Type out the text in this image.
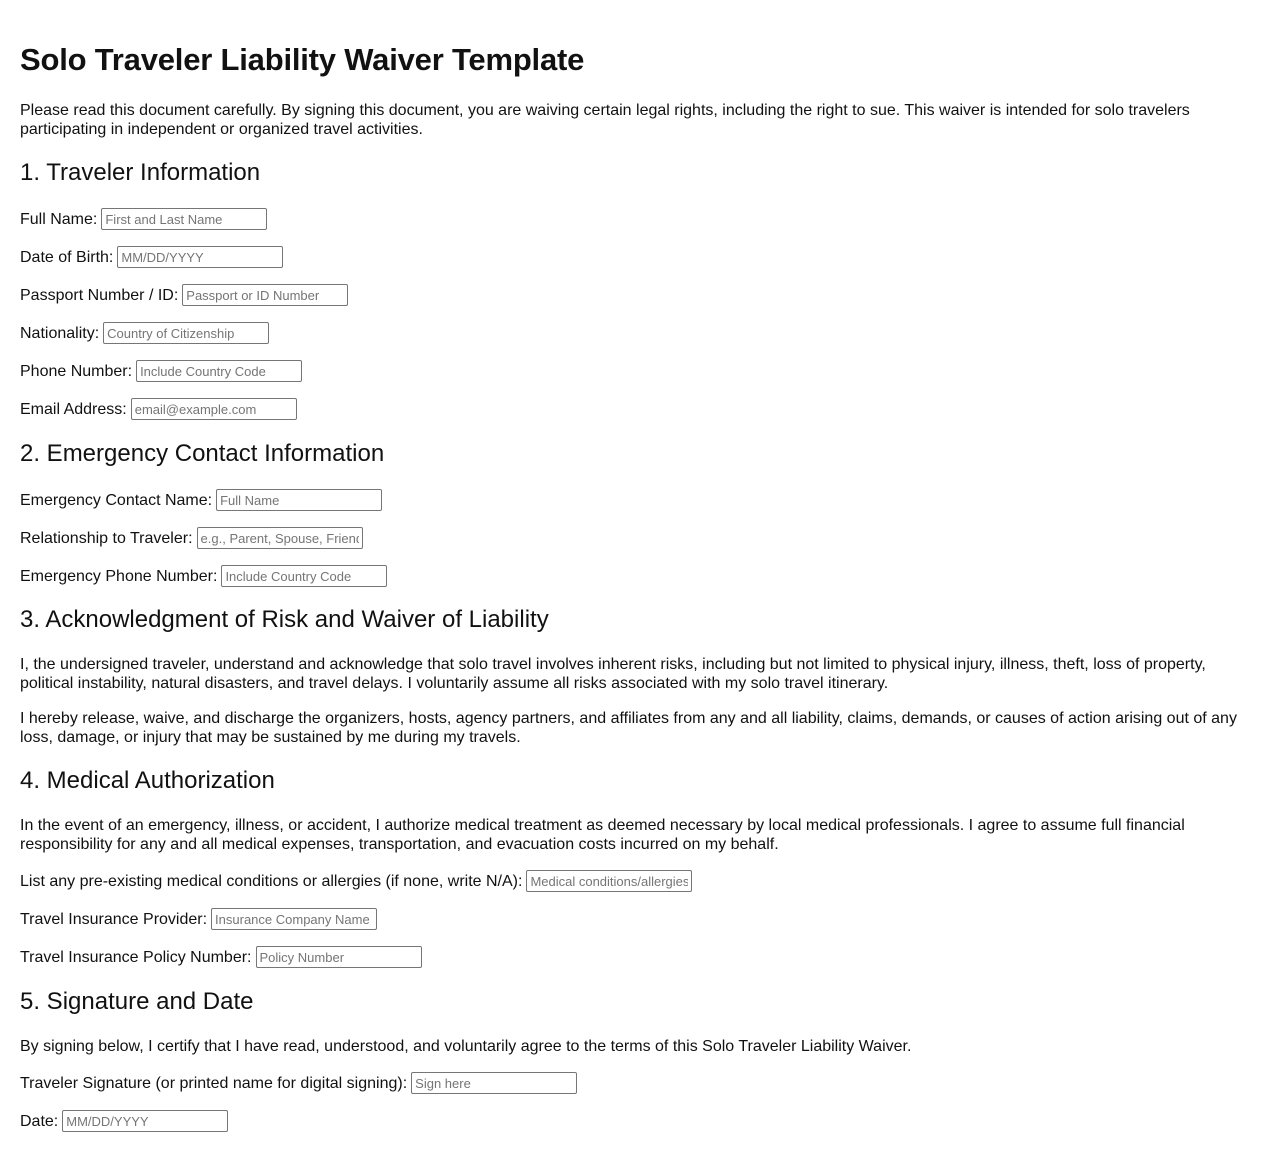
Solo Traveler Liability Waiver Template

Please read this document carefully. By signing this document, you are waiving certain legal rights, including the right to sue. This waiver is intended for solo travelers participating in independent or organized travel activities.

1. Traveler Information
Full Name:
First and Last Name
Date of Birth:
MM/DD/YYYY
Passport Number / ID:
Passport or ID Number
Nationality:
Country of Citizenship
Phone Number:
Include Country Code
Email Address:
email@example.com
2. Emergency Contact Information
Emergency Contact Name:
Full Name
Relationship to Traveler:
e.g., Parent, Spouse, Friend
Emergency Phone Number:
Include Country Code
3. Acknowledgment of Risk and Waiver of Liability

I, the undersigned traveler, understand and acknowledge that solo travel involves inherent risks, including but not limited to physical injury, illness, theft, loss of property, political instability, natural disasters, and travel delays. I voluntarily assume all risks associated with my solo travel itinerary.

I hereby release, waive, and discharge the organizers, hosts, agency partners, and affiliates from any and all liability, claims, demands, or causes of action arising out of any loss, damage, or injury that may be sustained by me during my travels.

4. Medical Authorization

In the event of an emergency, illness, or accident, I authorize medical treatment as deemed necessary by local medical professionals. I agree to assume full financial responsibility for any and all medical expenses, transportation, and evacuation costs incurred on my behalf.

List any pre-existing medical conditions or allergies (if none, write N/A):
Medical conditions/allergies
Travel Insurance Provider:
Insurance Company Name
Travel Insurance Policy Number:
Policy Number
5. Signature and Date

By signing below, I certify that I have read, understood, and voluntarily agree to the terms of this Solo Traveler Liability Waiver.

Traveler Signature (or printed name for digital signing):
Sign here
Date:
MM/DD/YYYY
